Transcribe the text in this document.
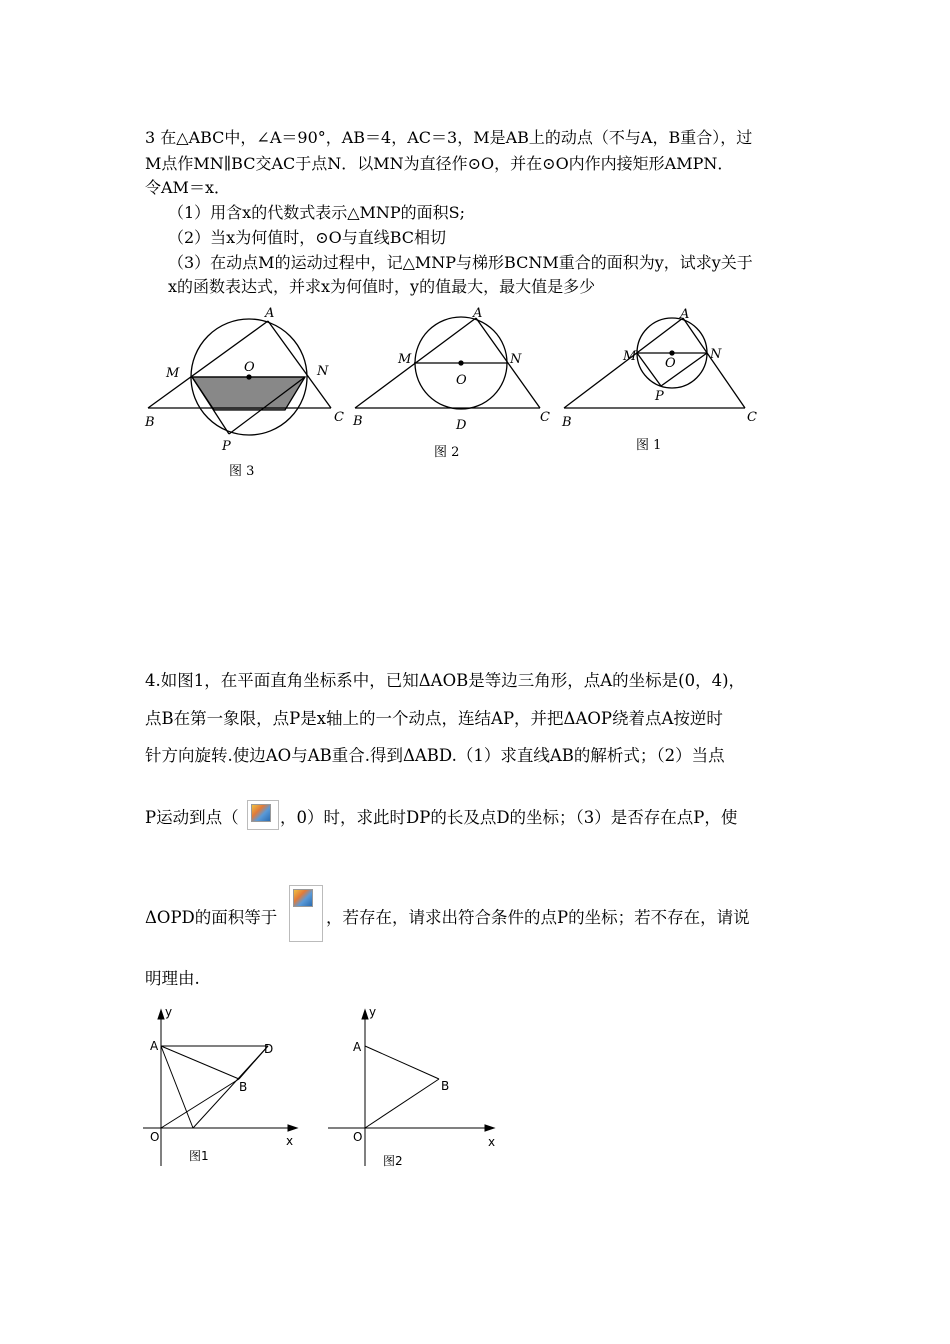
3 在△ABC中，∠A＝90°，AB＝4，AC＝3，M是AB上的动点（不与A，B重合），过
M点作MN∥BC交AC于点N．以MN为直径作⊙O，并在⊙O内作内接矩形AMPN．
令AM＝x．
（1）用含x的代数式表示△MNP的面积S;
（2）当x为何值时，⊙O与直线BC相切
（3）在动点M的运动过程中，记△MNP与梯形BCNM重合的面积为y，试求y关于
x的函数表达式，并求x为何值时，y的值最大，最大值是多少
A
M	O	N
B	C
P
图 3
A
M	N
O
B	C
D
图 2
A
M	N
O
P
B	C
图 1
4.如图1，在平面直角坐标系中，已知ΔAOB是等边三角形，点A的坐标是(0，4)，
点B在第一象限，点P是x轴上的一个动点，连结AP，并把ΔAOP绕着点A按逆时
针方向旋转.使边AO与AB重合.得到ΔABD.（1）求直线AB的解析式；（2）当点
P运动到点（	，0）时，求此时DP的长及点D的坐标；（3）是否存在点P，使
ΔOPD的面积等于	，若存在，请求出符合条件的点P的坐标；若不存在，请说
明理由.
y
A	D
B
O	x
图1
y
A
B
O	x
图2
